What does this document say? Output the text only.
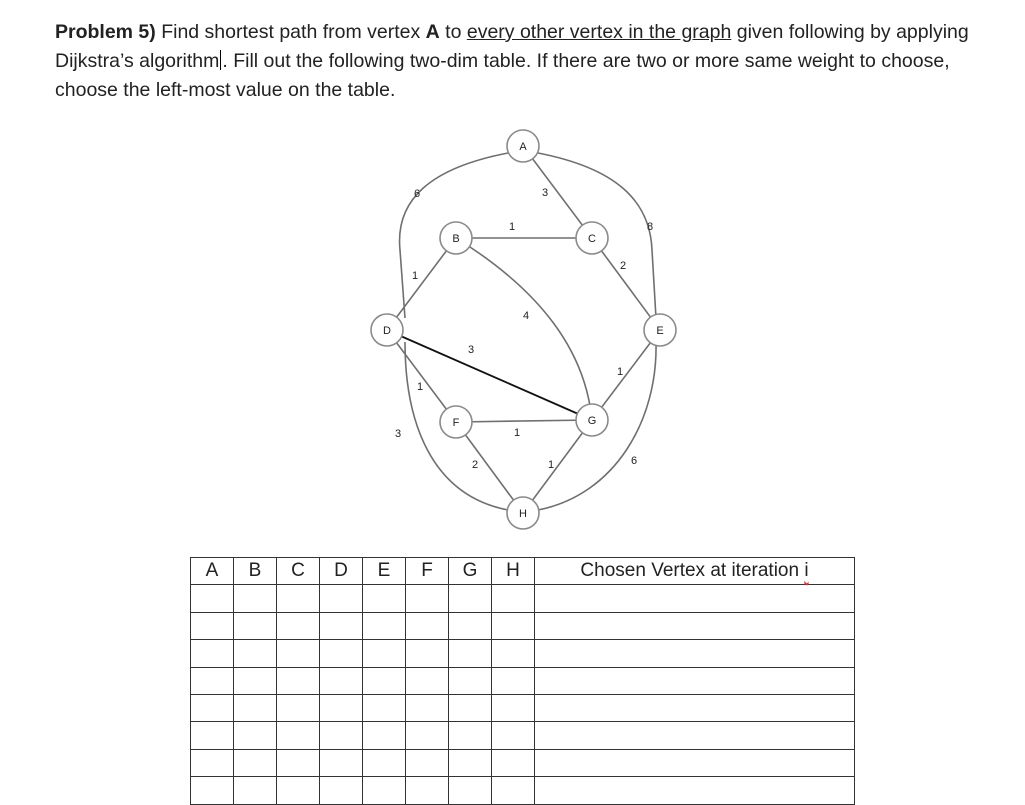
Problem 5) Find shortest path from vertex A to every other vertex in the graph given following by applying Dijkstra’s algorithm . Fill out the following two-dim table. If there are two or more same weight to choose, choose the left-most value on the table.
3
6
8
1
1
4
2
3
1
3	1
2
1
1	6
A
B	C
D	E
F	G
H
A	B	C	D	E	F	G	H	Chosen Vertex at iteration i
